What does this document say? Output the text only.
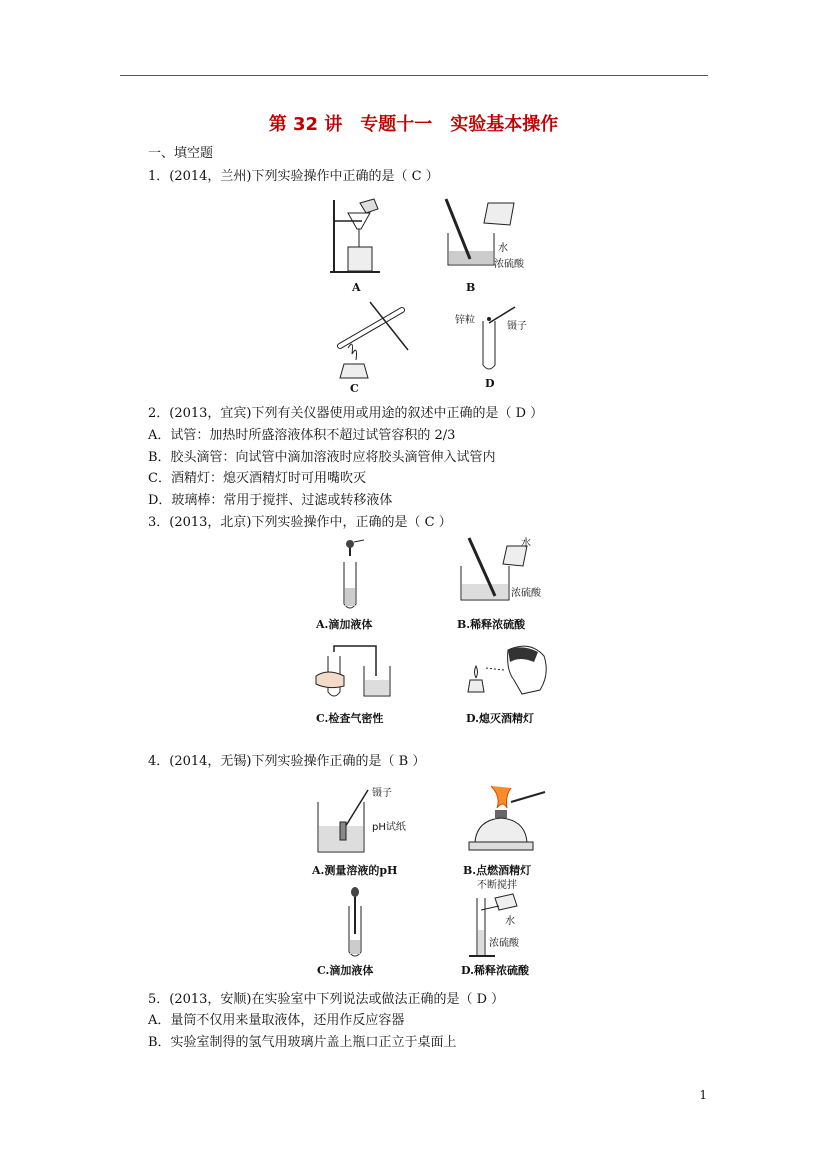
第 32 讲　专题十一　实验基本操作
一、填空题
1．(2014，兰州)下列实验操作中正确的是（ C ）
A
水
浓硫酸
B
C
锌粒
镊子
D
2．(2013，宜宾)下列有关仪器使用或用途的叙述中正确的是（ D ）
A．试管：加热时所盛溶液体积不超过试管容积的 2/3
B．胶头滴管：向试管中滴加溶液时应将胶头滴管伸入试管内
C．酒精灯：熄灭酒精灯时可用嘴吹灭
D．玻璃棒：常用于搅拌、过滤或转移液体
3．(2013，北京)下列实验操作中，正确的是（ C ）
A.滴加液体
水
浓硫酸
B.稀释浓硫酸
C.检查气密性	D.熄灭酒精灯
4．(2014，无锡)下列实验操作正确的是（ B ）
镊子
pH试纸
A.测量溶液的pH	B.点燃酒精灯
C.滴加液体
不断搅拌
水
浓硫酸
D.稀释浓硫酸
5．(2013，安顺)在实验室中下列说法或做法正确的是（ D ）
A．量筒不仅用来量取液体，还用作反应容器
B．实验室制得的氢气用玻璃片盖上瓶口正立于桌面上
1
